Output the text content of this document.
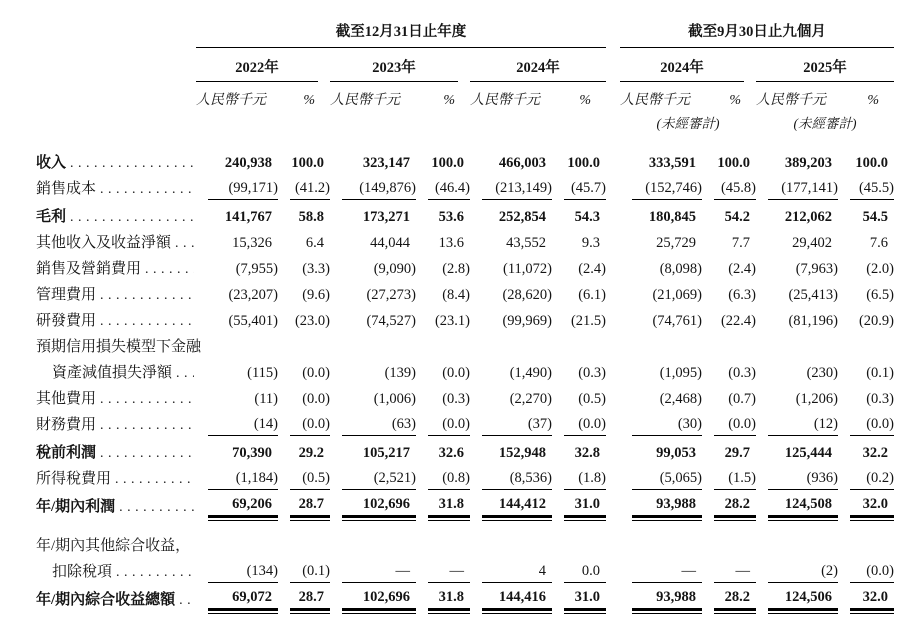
截至12月31日止年度	截至9月30日止九個月
2022年	2023年	2024年	2024年	2025年
人民幣千元	%	人民幣千元	%	人民幣千元	%	人民幣千元	%	人民幣千元	%
(未經審計)	(未經審計)
收入 . . .	240,938	100.0	323,147	100.0	466,003	100.0	333,591	100.0	389,203	100.0
銷售成本 . . .	(99,171)	(41.2)	(149,876)	(46.4)	(213,149)	(45.7)	(152,746)	(45.8)	(177,141)	(45.5)
毛利 . . .	141,767	58.8	173,271	53.6	252,854	54.3	180,845	54.2	212,062	54.5
其他收入及收益淨額 . . .	15,326	6.4	44,044	13.6	43,552	9.3	25,729	7.7	29,402	7.6
銷售及營銷費用 . . .	(7,955)	(3.3)	(9,090)	(2.8)	(11,072)	(2.4)	(8,098)	(2.4)	(7,963)	(2.0)
管理費用 . . .	(23,207)	(9.6)	(27,273)	(8.4)	(28,620)	(6.1)	(21,069)	(6.3)	(25,413)	(6.5)
研發費用 . . .	(55,401)	(23.0)	(74,527)	(23.1)	(99,969)	(21.5)	(74,761)	(22.4)	(81,196)	(20.9)
預期信用損失模型下金融
資產減值損失淨額 . . .	(115)	(0.0)	(139)	(0.0)	(1,490)	(0.3)	(1,095)	(0.3)	(230)	(0.1)
其他費用 . . .	(11)	(0.0)	(1,006)	(0.3)	(2,270)	(0.5)	(2,468)	(0.7)	(1,206)	(0.3)
財務費用 . . .	(14)	(0.0)	(63)	(0.0)	(37)	(0.0)	(30)	(0.0)	(12)	(0.0)
稅前利潤 . . .	70,390	29.2	105,217	32.6	152,948	32.8	99,053	29.7	125,444	32.2
所得稅費用 . . .	(1,184)	(0.5)	(2,521)	(0.8)	(8,536)	(1.8)	(5,065)	(1.5)	(936)	(0.2)
年/期內利潤 . . .	69,206	28.7	102,696	31.8	144,412	31.0	93,988	28.2	124,508	32.0
年/期內其他綜合收益，
扣除稅項 . . .	(134)	(0.1)	—	—	4	0.0	—	—	(2)	(0.0)
年/期內綜合收益總額 . . .	69,072	28.7	102,696	31.8	144,416	31.0	93,988	28.2	124,506	32.0
